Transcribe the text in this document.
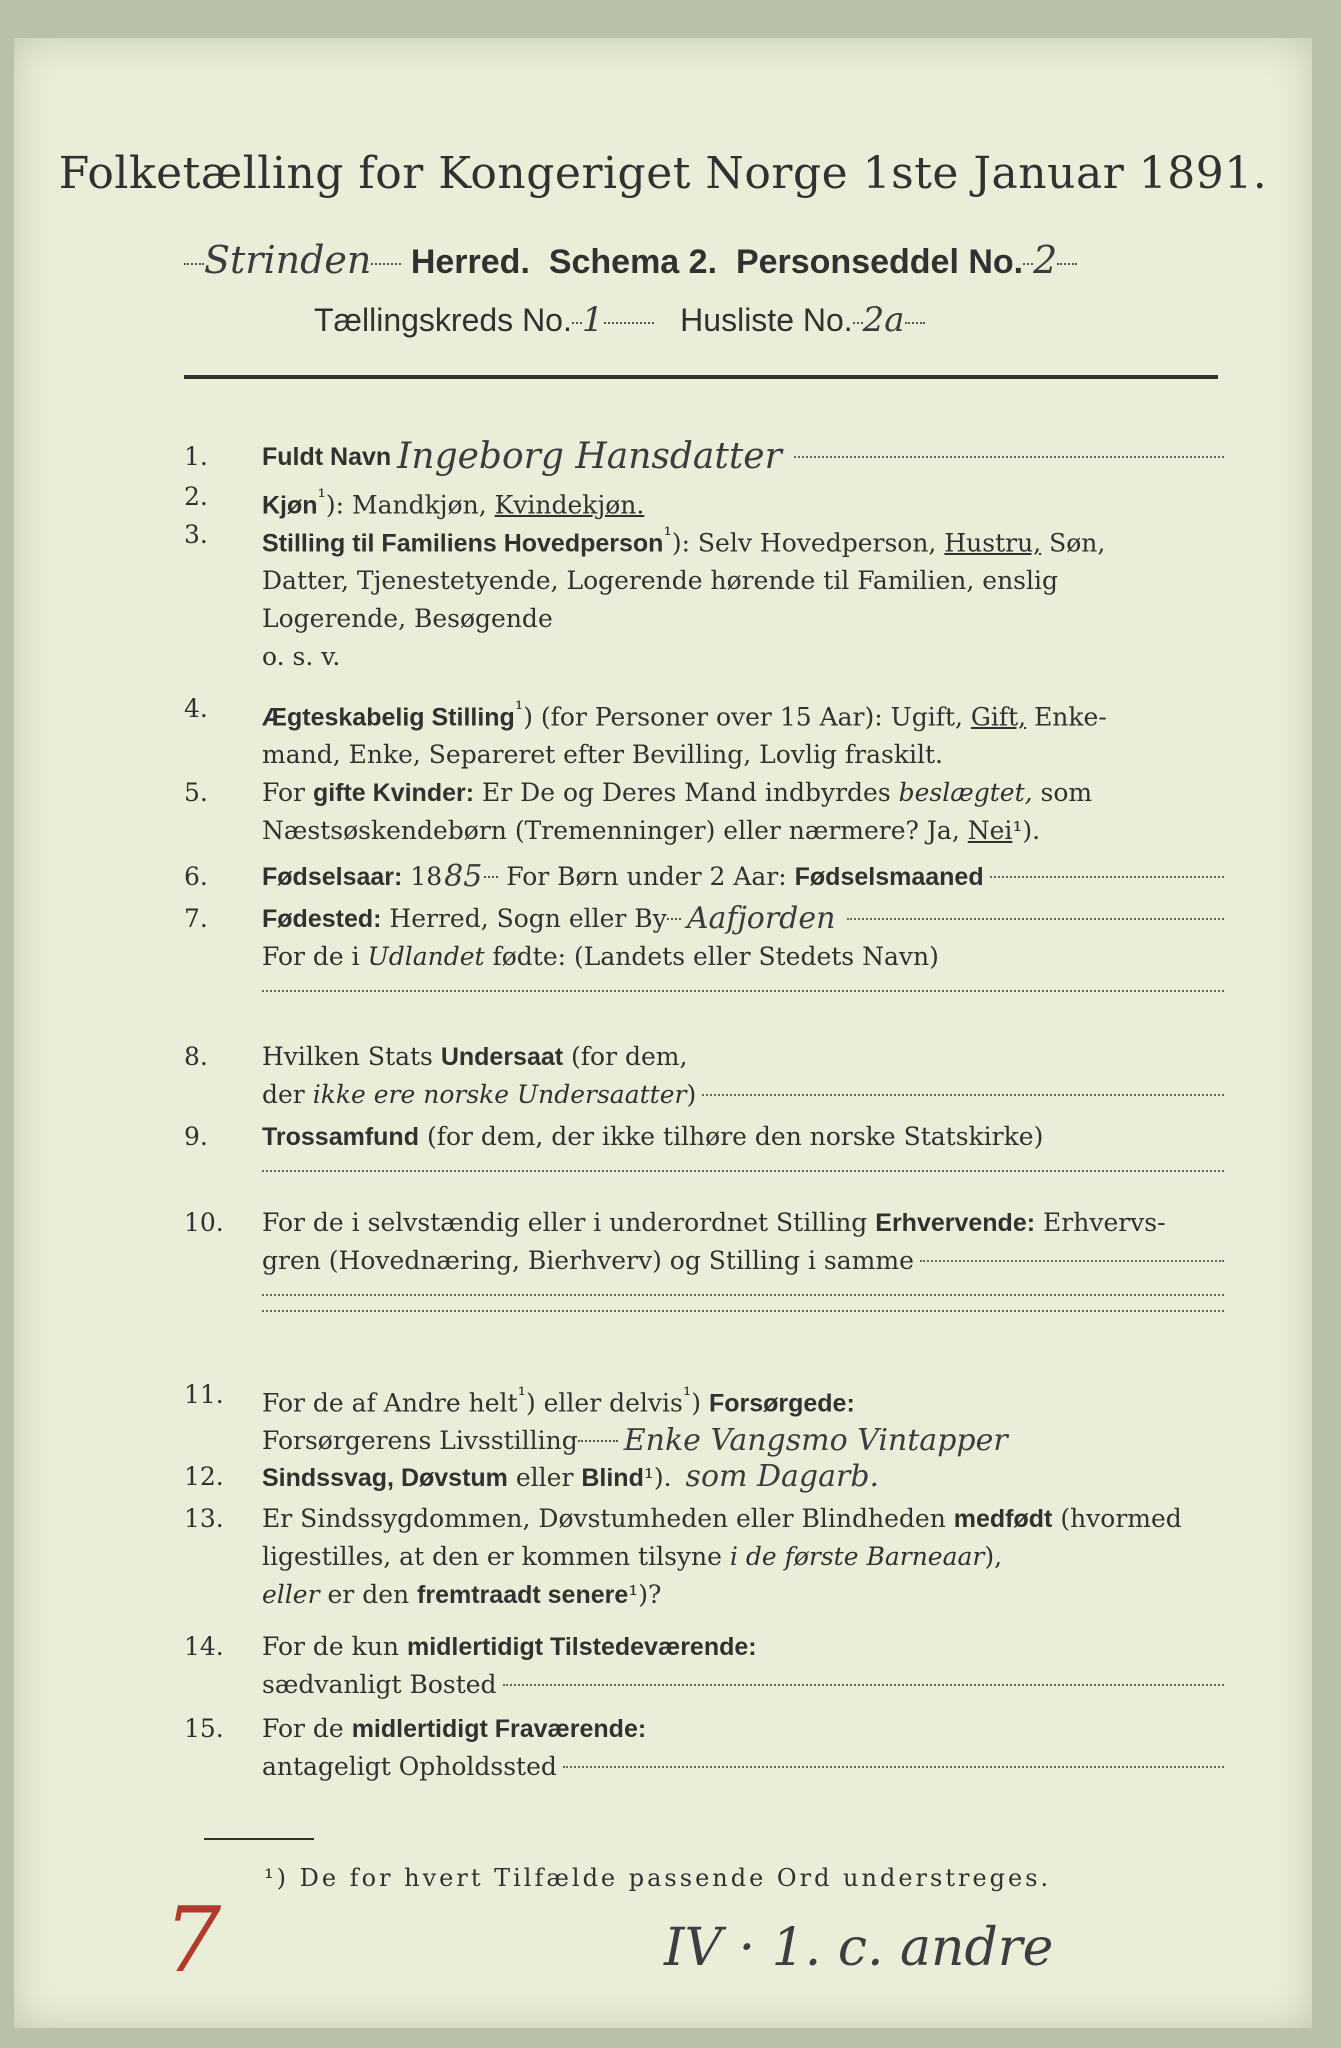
Folketælling for Kongeriget Norge 1ste Januar 1891.
Strinden Herred. Schema 2. Personseddel No. 2
Tællingskreds No. 1 Husliste No. 2a
1.	Fuldt Navn Ingeborg Hansdatter
2.	Kjøn$^{^1}$): Mandkjøn, Kvindekjøn.
3.	Stilling til Familiens Hovedperson$^{^1}$): Selv Hovedperson, Hustru, Søn,
Datter, Tjenestetyende, Logerende hørende til Familien, enslig
Logerende, Besøgende
o. s. v.
4.	Ægteskabelig Stilling$^{^1}$) (for Personer over 15 Aar): Ugift, Gift, Enke-
mand, Enke, Separeret efter Bevilling, Lovlig fraskilt.
5.	For gifte Kvinder: Er De og Deres Mand indbyrdes beslægtet, som
Næstsøskendebørn (Tremenninger) eller nærmere? Ja, Nei¹).
6.	Fødselsaar:
18 85
For Børn under 2 Aar:
Fødselsmaaned
7.	Fødested:
Herred, Sogn eller By Aafjorden
For de i Udlandet fødte: (Landets eller Stedets Navn)
8.	Hvilken Stats Undersaat (for dem,
der
ikke ere norske Undersaatter )
9.	Trossamfund (for dem, der ikke tilhøre den norske Statskirke)
10.	For de i selvstændig eller i underordnet Stilling Erhvervende: Erhvervs-
gren (Hovednæring, Bierhverv) og Stilling i samme
11.	For de af Andre helt$^{^1}$) eller delvis$^{^1}$) Forsørgede:
Forsørgerens Livsstilling Enke Vangsmo Vintapper
12.	Sindssvag, Døvstum eller Blind¹). som Dagarb.
13.	Er Sindssygdommen, Døvstumheden eller Blindheden medfødt (hvormed
ligestilles, at den er kommen tilsyne i de første Barneaar),
eller er den fremtraadt senere¹)?
14.	For de kun midlertidigt Tilstedeværende:
sædvanligt Bosted
15.	For de midlertidigt Fraværende:
antageligt Opholdssted
¹) De for hvert Tilfælde passende Ord understreges.
7	IV · 1. c. andre
